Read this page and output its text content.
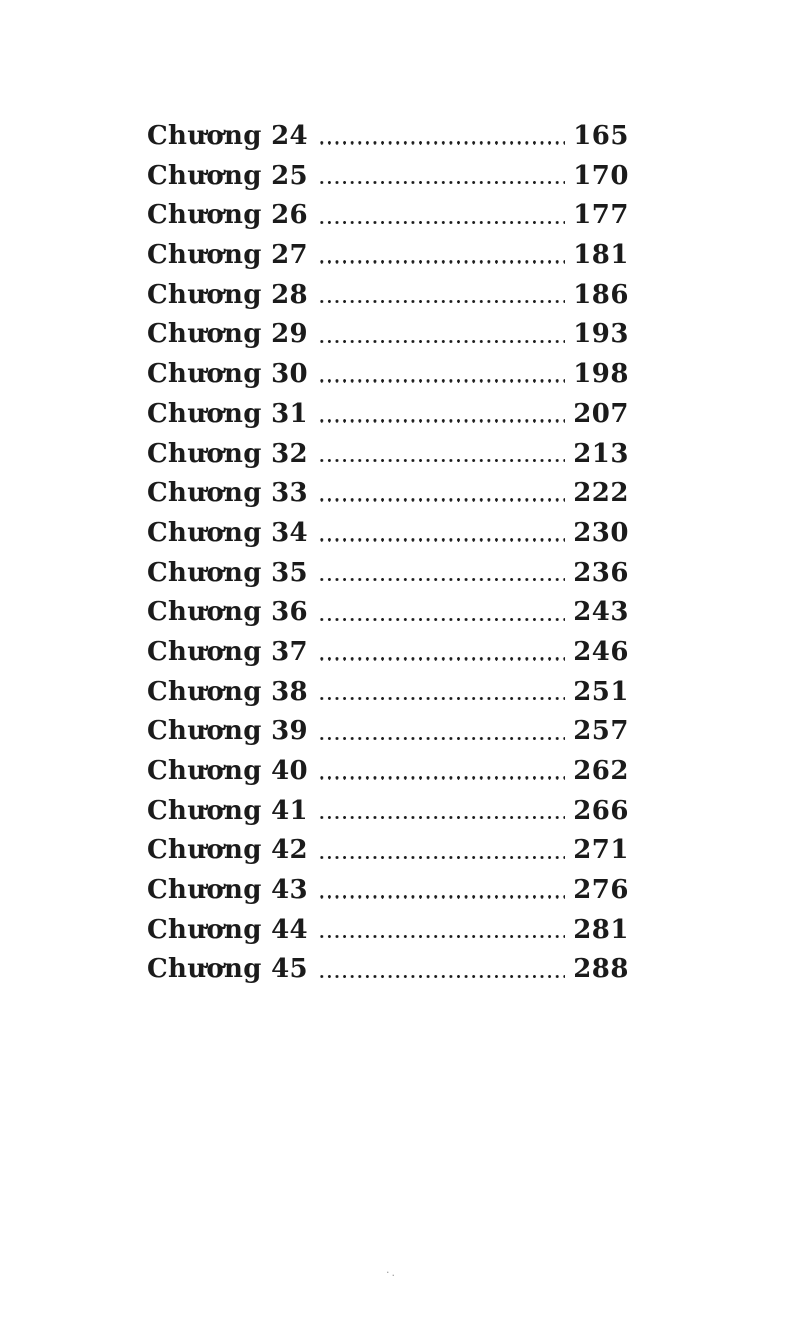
Chương 24	165
Chương 25	170
Chương 26	177
Chương 27	181
Chương 28	186
Chương 29	193
Chương 30	198
Chương 31	207
Chương 32	213
Chương 33	222
Chương 34	230
Chương 35	236
Chương 36	243
Chương 37	246
Chương 38	251
Chương 39	257
Chương 40	262
Chương 41	266
Chương 42	271
Chương 43	276
Chương 44	281
Chương 45	288
·.
